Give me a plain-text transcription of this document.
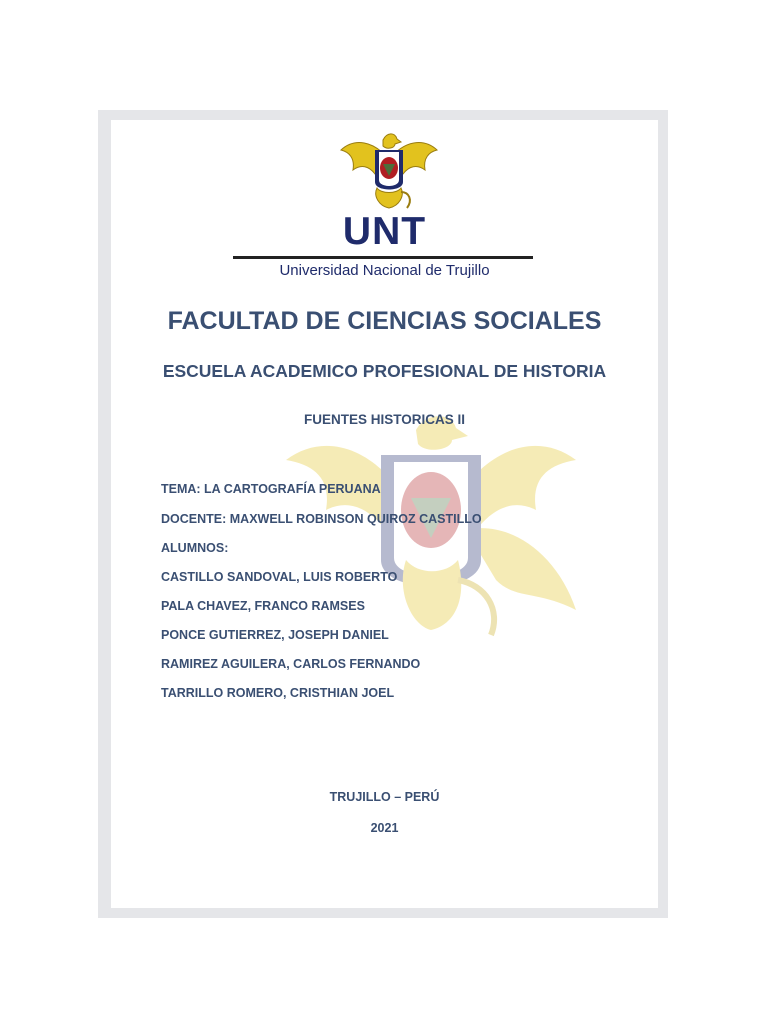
UNT
Universidad Nacional de Trujillo
FACULTAD DE CIENCIAS SOCIALES
ESCUELA ACADEMICO PROFESIONAL DE HISTORIA
FUENTES HISTORICAS II
TEMA: LA CARTOGRAFÍA PERUANA
DOCENTE: MAXWELL ROBINSON QUIROZ CASTILLO
ALUMNOS:
CASTILLO SANDOVAL, LUIS ROBERTO
PALA CHAVEZ, FRANCO RAMSES
PONCE GUTIERREZ, JOSEPH DANIEL
RAMIREZ AGUILERA, CARLOS FERNANDO
TARRILLO ROMERO, CRISTHIAN JOEL
TRUJILLO – PERÚ
2021
